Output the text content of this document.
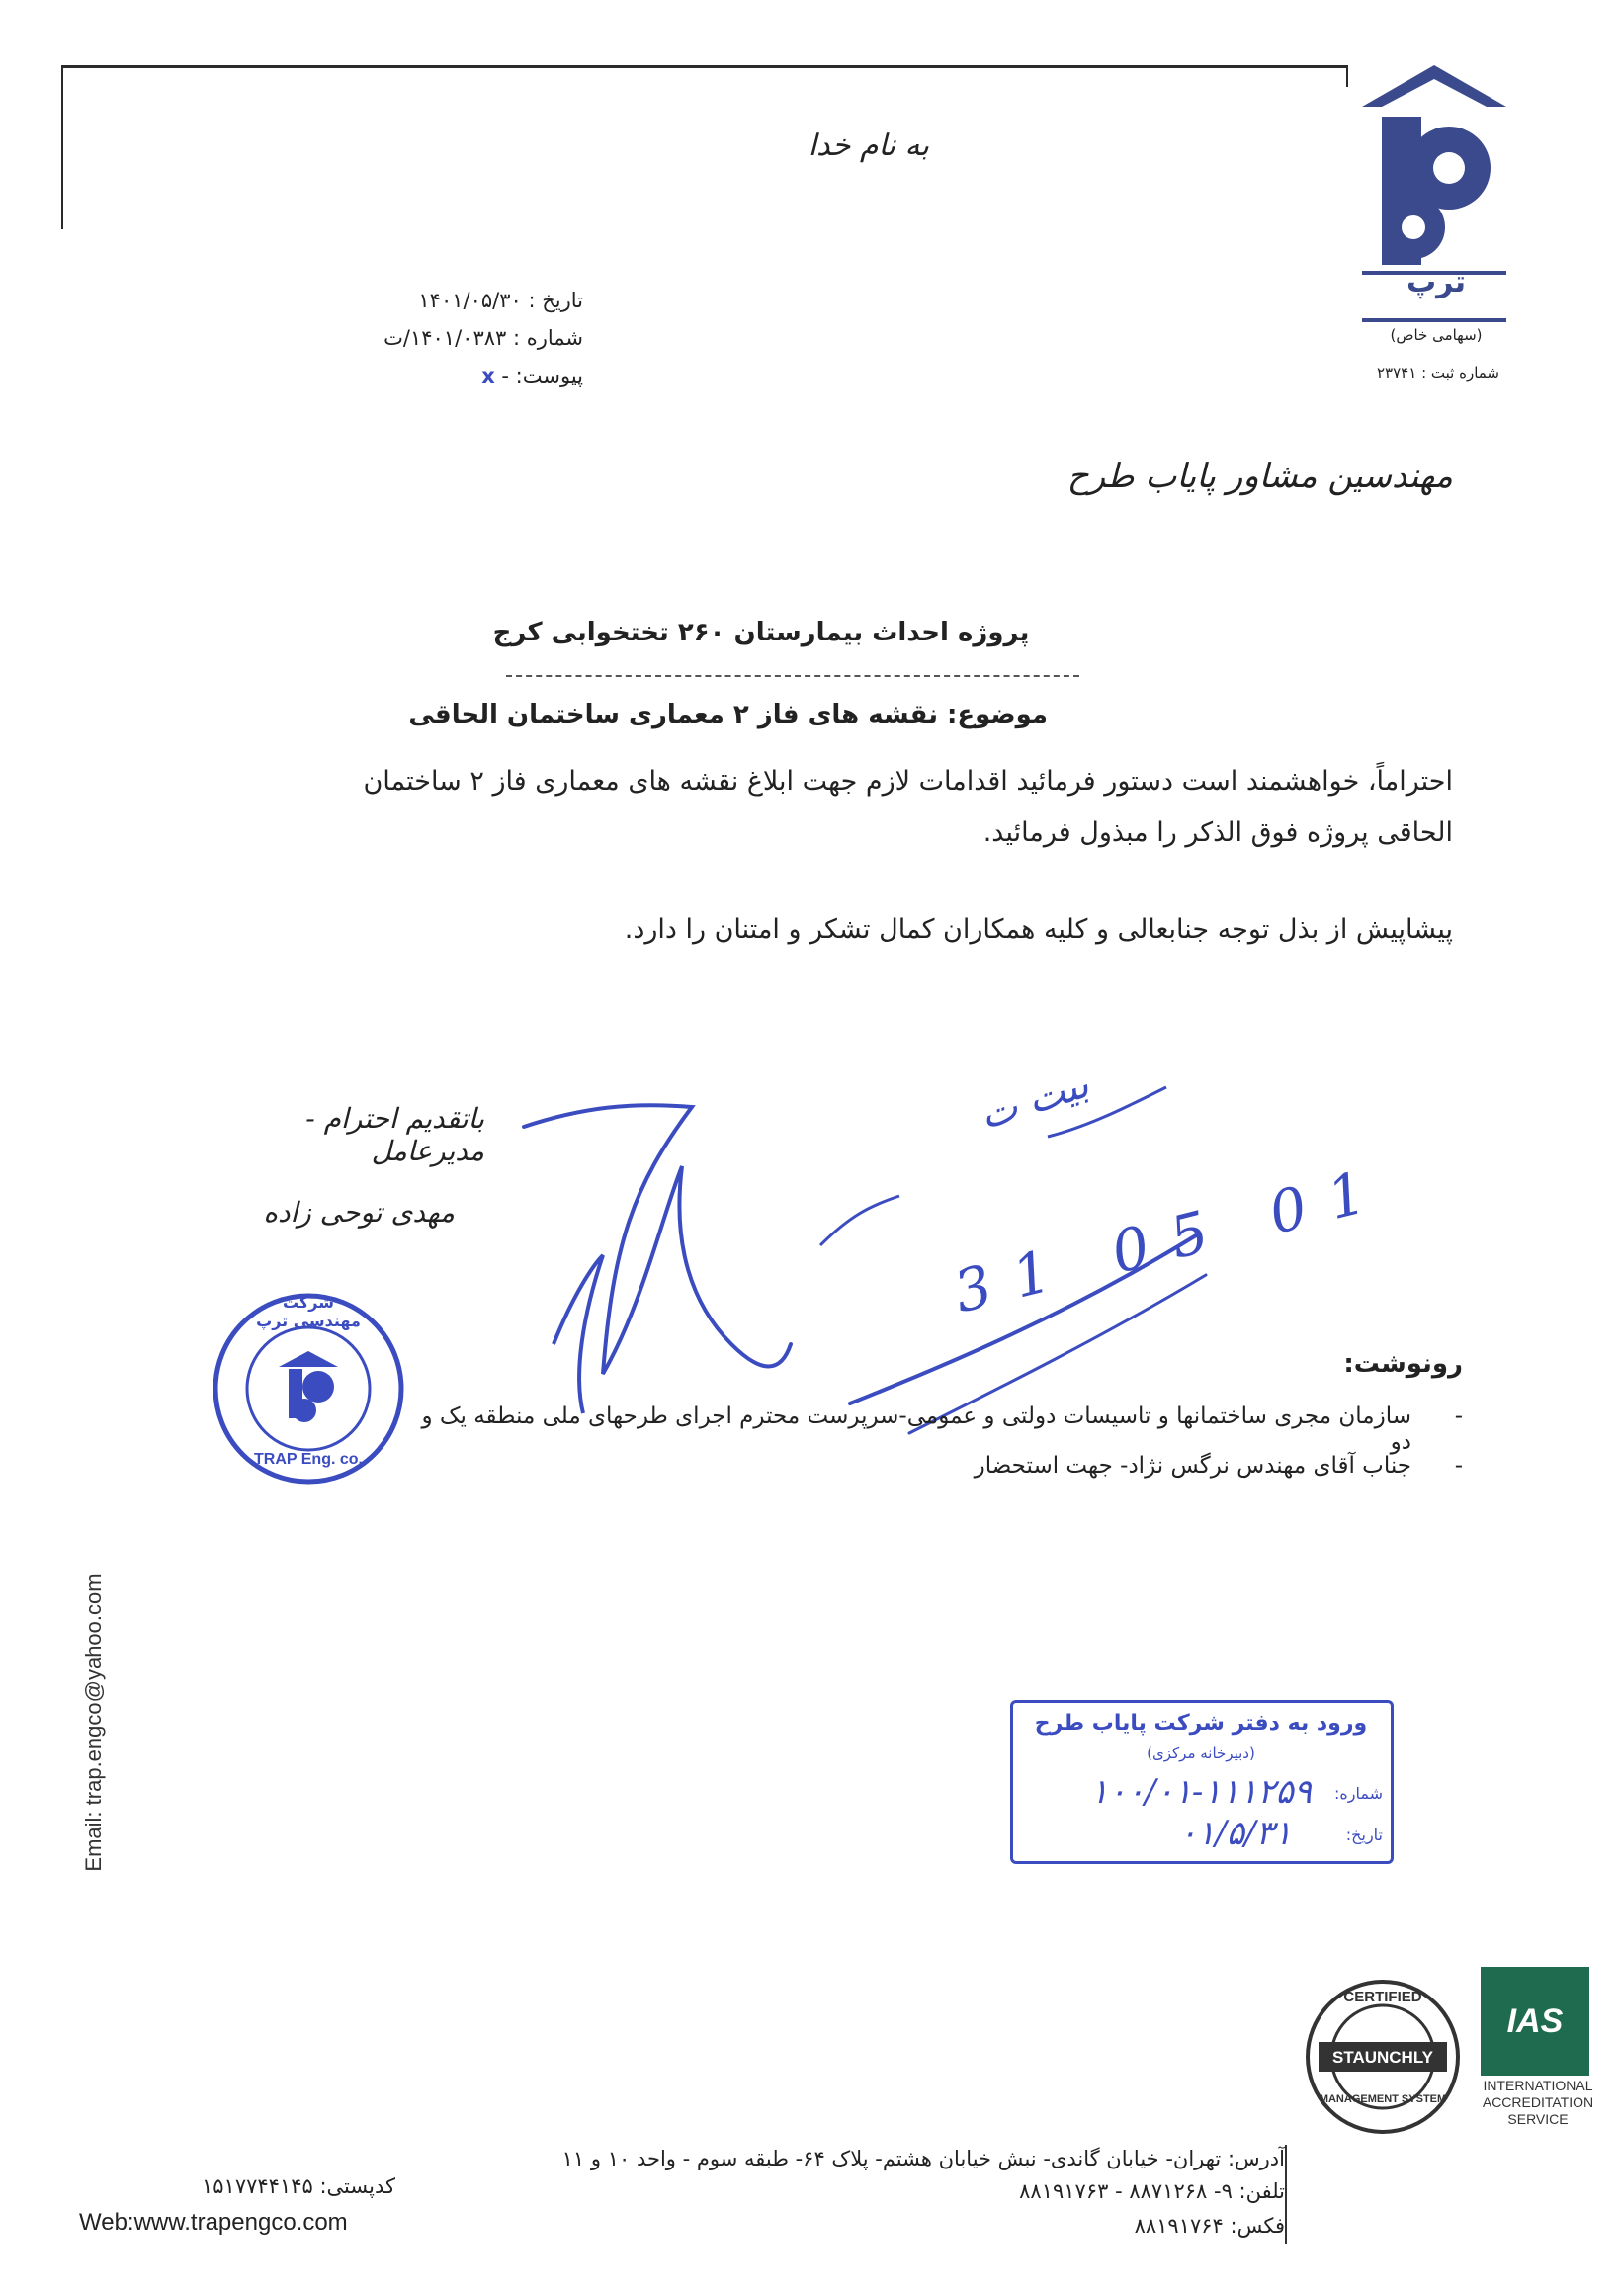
به نام خدا
تاریخ : ۱۴۰۱/۰۵/۳۰
شماره : ۱۴۰۱/۰۳۸۳/ت
پیوست: - x
ترپ
(سهامی خاص)
شماره ثبت : ۲۳۷۴۱
مهندسین مشاور پایاب طرح
پروژه احداث بیمارستان ۲۶۰ تختخوابی کرج
موضوع: نقشه های فاز ۲ معماری ساختمان الحاقی
احتراماً، خواهشمند است دستور فرمائید اقدامات لازم جهت ابلاغ نقشه های معماری فاز ۲ ساختمان الحاقی پروژه فوق الذکر را مبذول فرمائید.
پیشاپیش از بذل توجه جنابعالی و کلیه همکاران کمال تشکر و امتنان را دارد.
باتقدیم احترام - مدیرعامل
مهدی توحی زاده
بیت ت
31 05 01
شرکت مهندسی ترپ
TRAP Eng. co.
رونوشت:
-
سازمان مجری ساختمانها و تاسیسات دولتی و عمومی-سرپرست محترم اجرای طرحهای ملی منطقه یک و دو
-
جناب آقای مهندس نرگس نژاد- جهت استحضار
ورود به دفتر شرکت پایاب طرح
(دبیرخانه مرکزی)
شماره:
۱۰۰/۰۱-۱۱۱۲۵۹
تاریخ:
۰۱/۵/۳۱
Email: trap.engco@yahoo.com
CERTIFIED
STAUNCHLY
MANAGEMENT SYSTEM
IAS
INTERNATIONAL
ACCREDITATION
SERVICE
آدرس: تهران- خیابان گاندی- نبش خیابان هشتم- پلاک ۶۴- طبقه سوم - واحد ۱۰ و ۱۱
تلفن: ۹- ۸۸۷۱۲۶۸ - ۸۸۱۹۱۷۶۳
فکس: ۸۸۱۹۱۷۶۴
کدپستی: ۱۵۱۷۷۴۴۱۴۵
Web:www.trapengco.com
